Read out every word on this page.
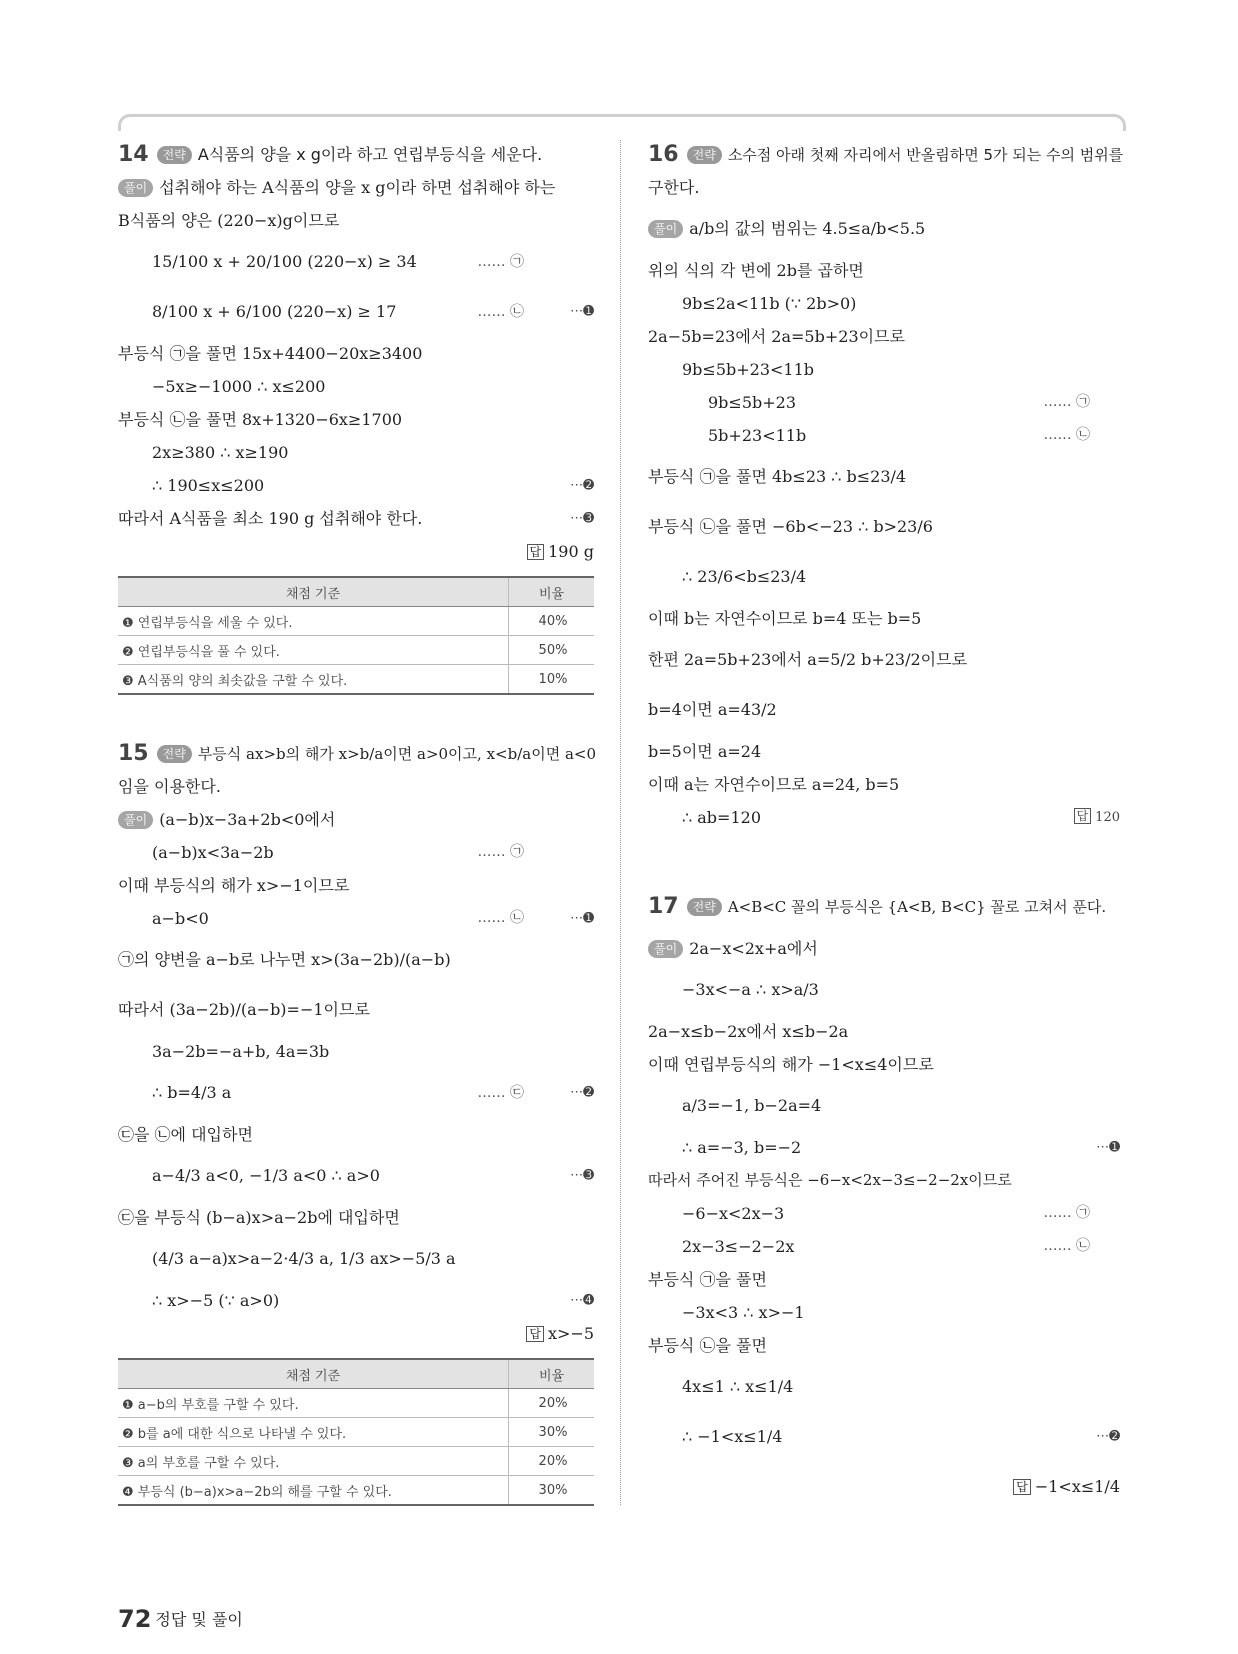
14 전략 A식품의 양을 x g이라 하고 연립부등식을 세운다.
풀이 섭취해야 하는 A식품의 양을 x g이라 하면 섭취해야 하는
B식품의 양은 (220−x)g이므로
15/100 x + 20/100 (220−x) ≥ 34	…… ㉠
8/100 x + 6/100 (220−x) ≥ 17	…… ㉡	⋯➊
부등식 ㉠을 풀면 15x+4400−20x≥3400
−5x≥−1000 ∴ x≤200
부등식 ㉡을 풀면 8x+1320−6x≥1700
2x≥380 ∴ x≥190
∴ 190≤x≤200	⋯➋
따라서 A식품을 최소 190 g 섭취해야 한다.	⋯➌
답 190 g
채점 기준	비율
❶ 연립부등식을 세울 수 있다.	40%
❷ 연립부등식을 풀 수 있다.	50%
❸ A식품의 양의 최솟값을 구할 수 있다.	10%
15 전략 부등식 ax>b의 해가 x>b/a이면 a>0이고, x<b/a이면 a<0
임을 이용한다.
풀이 (a−b)x−3a+2b<0에서
(a−b)x<3a−2b	…… ㉠
이때 부등식의 해가 x>−1이므로
a−b<0	…… ㉡	⋯➊
㉠의 양변을 a−b로 나누면 x>(3a−2b)/(a−b)
따라서 (3a−2b)/(a−b)=−1이므로
3a−2b=−a+b, 4a=3b
∴ b=4/3 a	…… ㉢	⋯➋
㉢을 ㉡에 대입하면
a−4/3 a<0, −1/3 a<0 ∴ a>0	⋯➌
㉢을 부등식 (b−a)x>a−2b에 대입하면
(4/3 a−a)x>a−2·4/3 a, 1/3 ax>−5/3 a
∴ x>−5 (∵ a>0)	⋯➍
답 x>−5
채점 기준	비율
❶ a−b의 부호를 구할 수 있다.	20%
❷ b를 a에 대한 식으로 나타낼 수 있다.	30%
❸ a의 부호를 구할 수 있다.	20%
❹ 부등식 (b−a)x>a−2b의 해를 구할 수 있다.	30%
16 전략 소수점 아래 첫째 자리에서 반올림하면 5가 되는 수의 범위를
구한다.
풀이 a/b의 값의 범위는 4.5≤a/b<5.5
위의 식의 각 변에 2b를 곱하면
9b≤2a<11b (∵ 2b>0)
2a−5b=23에서 2a=5b+23이므로
9b≤5b+23<11b
9b≤5b+23	…… ㉠
5b+23<11b	…… ㉡
부등식 ㉠을 풀면 4b≤23 ∴ b≤23/4
부등식 ㉡을 풀면 −6b<−23 ∴ b>23/6
∴ 23/6<b≤23/4
이때 b는 자연수이므로 b=4 또는 b=5
한편 2a=5b+23에서 a=5/2 b+23/2이므로
b=4이면 a=43/2
b=5이면 a=24
이때 a는 자연수이므로 a=24, b=5
∴ ab=120	답 120
17 전략 A<B<C 꼴의 부등식은 {A<B, B<C} 꼴로 고쳐서 푼다.
풀이 2a−x<2x+a에서
−3x<−a ∴ x>a/3
2a−x≤b−2x에서 x≤b−2a
이때 연립부등식의 해가 −1<x≤4이므로
a/3=−1, b−2a=4
∴ a=−3, b=−2	⋯➊
따라서 주어진 부등식은 −6−x<2x−3≤−2−2x이므로
−6−x<2x−3	…… ㉠
2x−3≤−2−2x	…… ㉡
부등식 ㉠을 풀면
−3x<3 ∴ x>−1
부등식 ㉡을 풀면
4x≤1 ∴ x≤1/4
∴ −1<x≤1/4	⋯➋
답 −1<x≤1/4
72 정답 및 풀이
